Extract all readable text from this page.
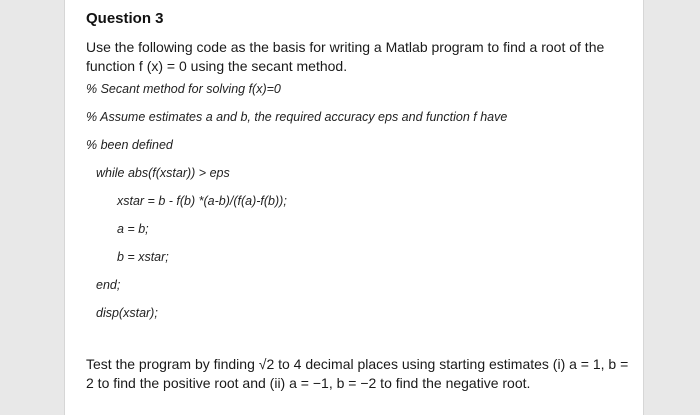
Question 3
Use the following code as the basis for writing a Matlab program to find a root of the function f (x) = 0 using the secant method.
% Secant method for solving f(x)=0
% Assume estimates a and b, the required accuracy eps and function f have
% been defined
while abs(f(xstar)) > eps
xstar = b - f(b) *(a-b)/(f(a)-f(b));
a = b;
b = xstar;
end;
disp(xstar);
Test the program by finding √2 to 4 decimal places using starting estimates (i) a = 1, b = 2 to find the positive root and (ii) a = −1, b = −2 to find the negative root.
